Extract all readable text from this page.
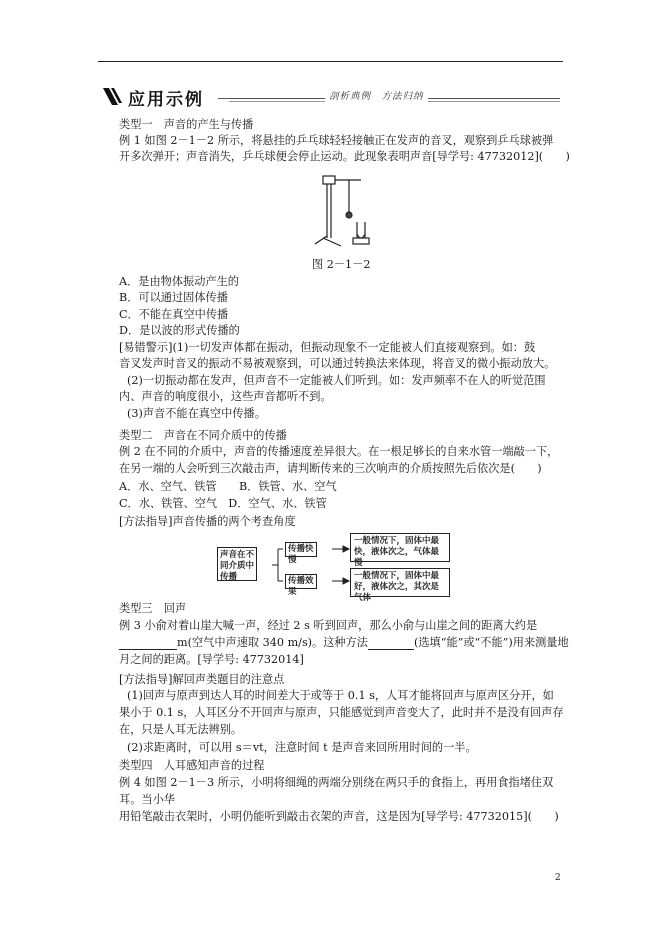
应用示例	剖析典例　方法归纳
类型一　声音的产生与传播
例 1 如图 2－1－2 所示，将悬挂的乒乓球轻轻接触正在发声的音叉，观察到乒乓球被弹
开多次弹开；声音消失，乒乓球便会停止运动。此现象表明声音[导学号: 47732012](　　)
图 2－1－2
A．是由物体振动产生的
B．可以通过固体传播
C．不能在真空中传播
D．是以波的形式传播的
[易错警示](1)一切发声体都在振动，但振动现象不一定能被人们直接观察到。如：鼓
音叉发声时音叉的振动不易被观察到，可以通过转换法来体现，将音叉的微小振动放大。
(2)一切振动都在发声，但声音不一定能被人们听到。如：发声频率不在人的听觉范围
内、声音的响度很小，这些声音都听不到。
(3)声音不能在真空中传播。
类型二　声音在不同介质中的传播
例 2 在不同的介质中，声音的传播速度差异很大。在一根足够长的自来水管一端敲一下，
在另一端的人会听到三次敲击声，请判断传来的三次响声的介质按照先后依次是(　　)
A．水、空气、铁管　　B．铁管、水、空气
C．水、铁管、空气　D．空气、水、铁管
[方法指导]声音传播的两个考查角度
声音在不同介质中传播
传播快慢
传播效果
一般情况下，固体中最快，液体次之，气体最慢
一般情况下，固体中最好，液体次之，其次是气体
类型三　回声
例 3 小俞对着山崖大喊一声，经过 2 s 听到回声，那么小俞与山崖之间的距离大约是
m(空气中声速取 340 m/s)。这种方法	(选填“能”或“不能”)用来测量地
月之间的距离。[导学号: 47732014]
[方法指导]解回声类题目的注意点
(1)回声与原声到达人耳的时间差大于或等于 0.1 s，人耳才能将回声与原声区分开，如
果小于 0.1 s，人耳区分不开回声与原声，只能感觉到声音变大了，此时并不是没有回声存
在，只是人耳无法辨别。
(2)求距离时，可以用 s＝vt，注意时间 t 是声音来回所用时间的一半。
类型四　人耳感知声音的过程
例 4 如图 2－1－3 所示，小明将细绳的两端分别绕在两只手的食指上，再用食指堵住双
耳。当小华
用铅笔敲击衣架时，小明仍能听到敲击衣架的声音，这是因为[导学号: 47732015](　　)
2
